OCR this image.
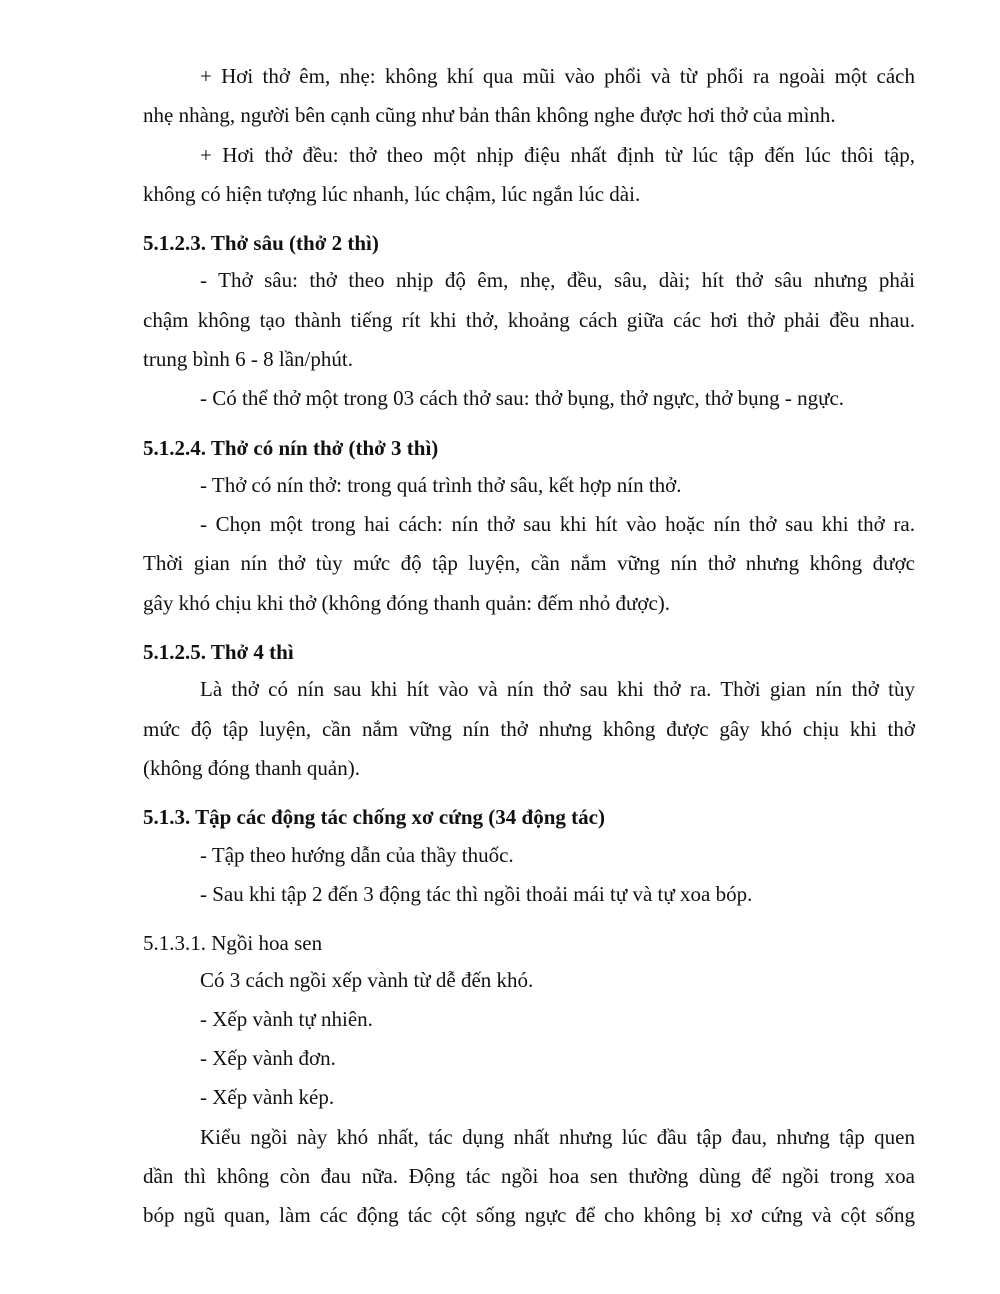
+ Hơi thở êm, nhẹ: không khí qua mũi vào phổi và từ phổi ra ngoài một cách
nhẹ nhàng, người bên cạnh cũng như bản thân không nghe được hơi thở của mình.
+ Hơi thở đều: thở theo một nhịp điệu nhất định từ lúc tập đến lúc thôi tập,
không có hiện tượng lúc nhanh, lúc chậm, lúc ngắn lúc dài.
5.1.2.3. Thở sâu (thở 2 thì)
- Thở sâu: thở theo nhịp độ êm, nhẹ, đều, sâu, dài; hít thở sâu nhưng phải
chậm không tạo thành tiếng rít khi thở, khoảng cách giữa các hơi thở phải đều nhau.
trung bình 6 - 8 lần/phút.
- Có thể thở một trong 03 cách thở sau: thở bụng, thở ngực, thở bụng - ngực.
5.1.2.4. Thở có nín thở (thở 3 thì)
- Thở có nín thở: trong quá trình thở sâu, kết hợp nín thở.
- Chọn một trong hai cách: nín thở sau khi hít vào hoặc nín thở sau khi thở ra.
Thời gian nín thở tùy mức độ tập luyện, cần nắm vững nín thở nhưng không được
gây khó chịu khi thở (không đóng thanh quản: đếm nhỏ được).
5.1.2.5. Thở 4 thì
Là thở có nín sau khi hít vào và nín thở sau khi thở ra. Thời gian nín thở tùy
mức độ tập luyện, cần nắm vững nín thở nhưng không được gây khó chịu khi thở
(không đóng thanh quản).
5.1.3. Tập các động tác chống xơ cứng (34 động tác)
- Tập theo hướng dẫn của thầy thuốc.
- Sau khi tập 2 đến 3 động tác thì ngồi thoải mái tự và tự xoa bóp.
5.1.3.1. Ngồi hoa sen
Có 3 cách ngồi xếp vành từ dễ đến khó.
- Xếp vành tự nhiên.
- Xếp vành đơn.
- Xếp vành kép.
Kiểu ngồi này khó nhất, tác dụng nhất nhưng lúc đầu tập đau, nhưng tập quen
dần thì không còn đau nữa. Động tác ngồi hoa sen thường dùng để ngồi trong xoa
bóp ngũ quan, làm các động tác cột sống ngực để cho không bị xơ cứng và cột sống
